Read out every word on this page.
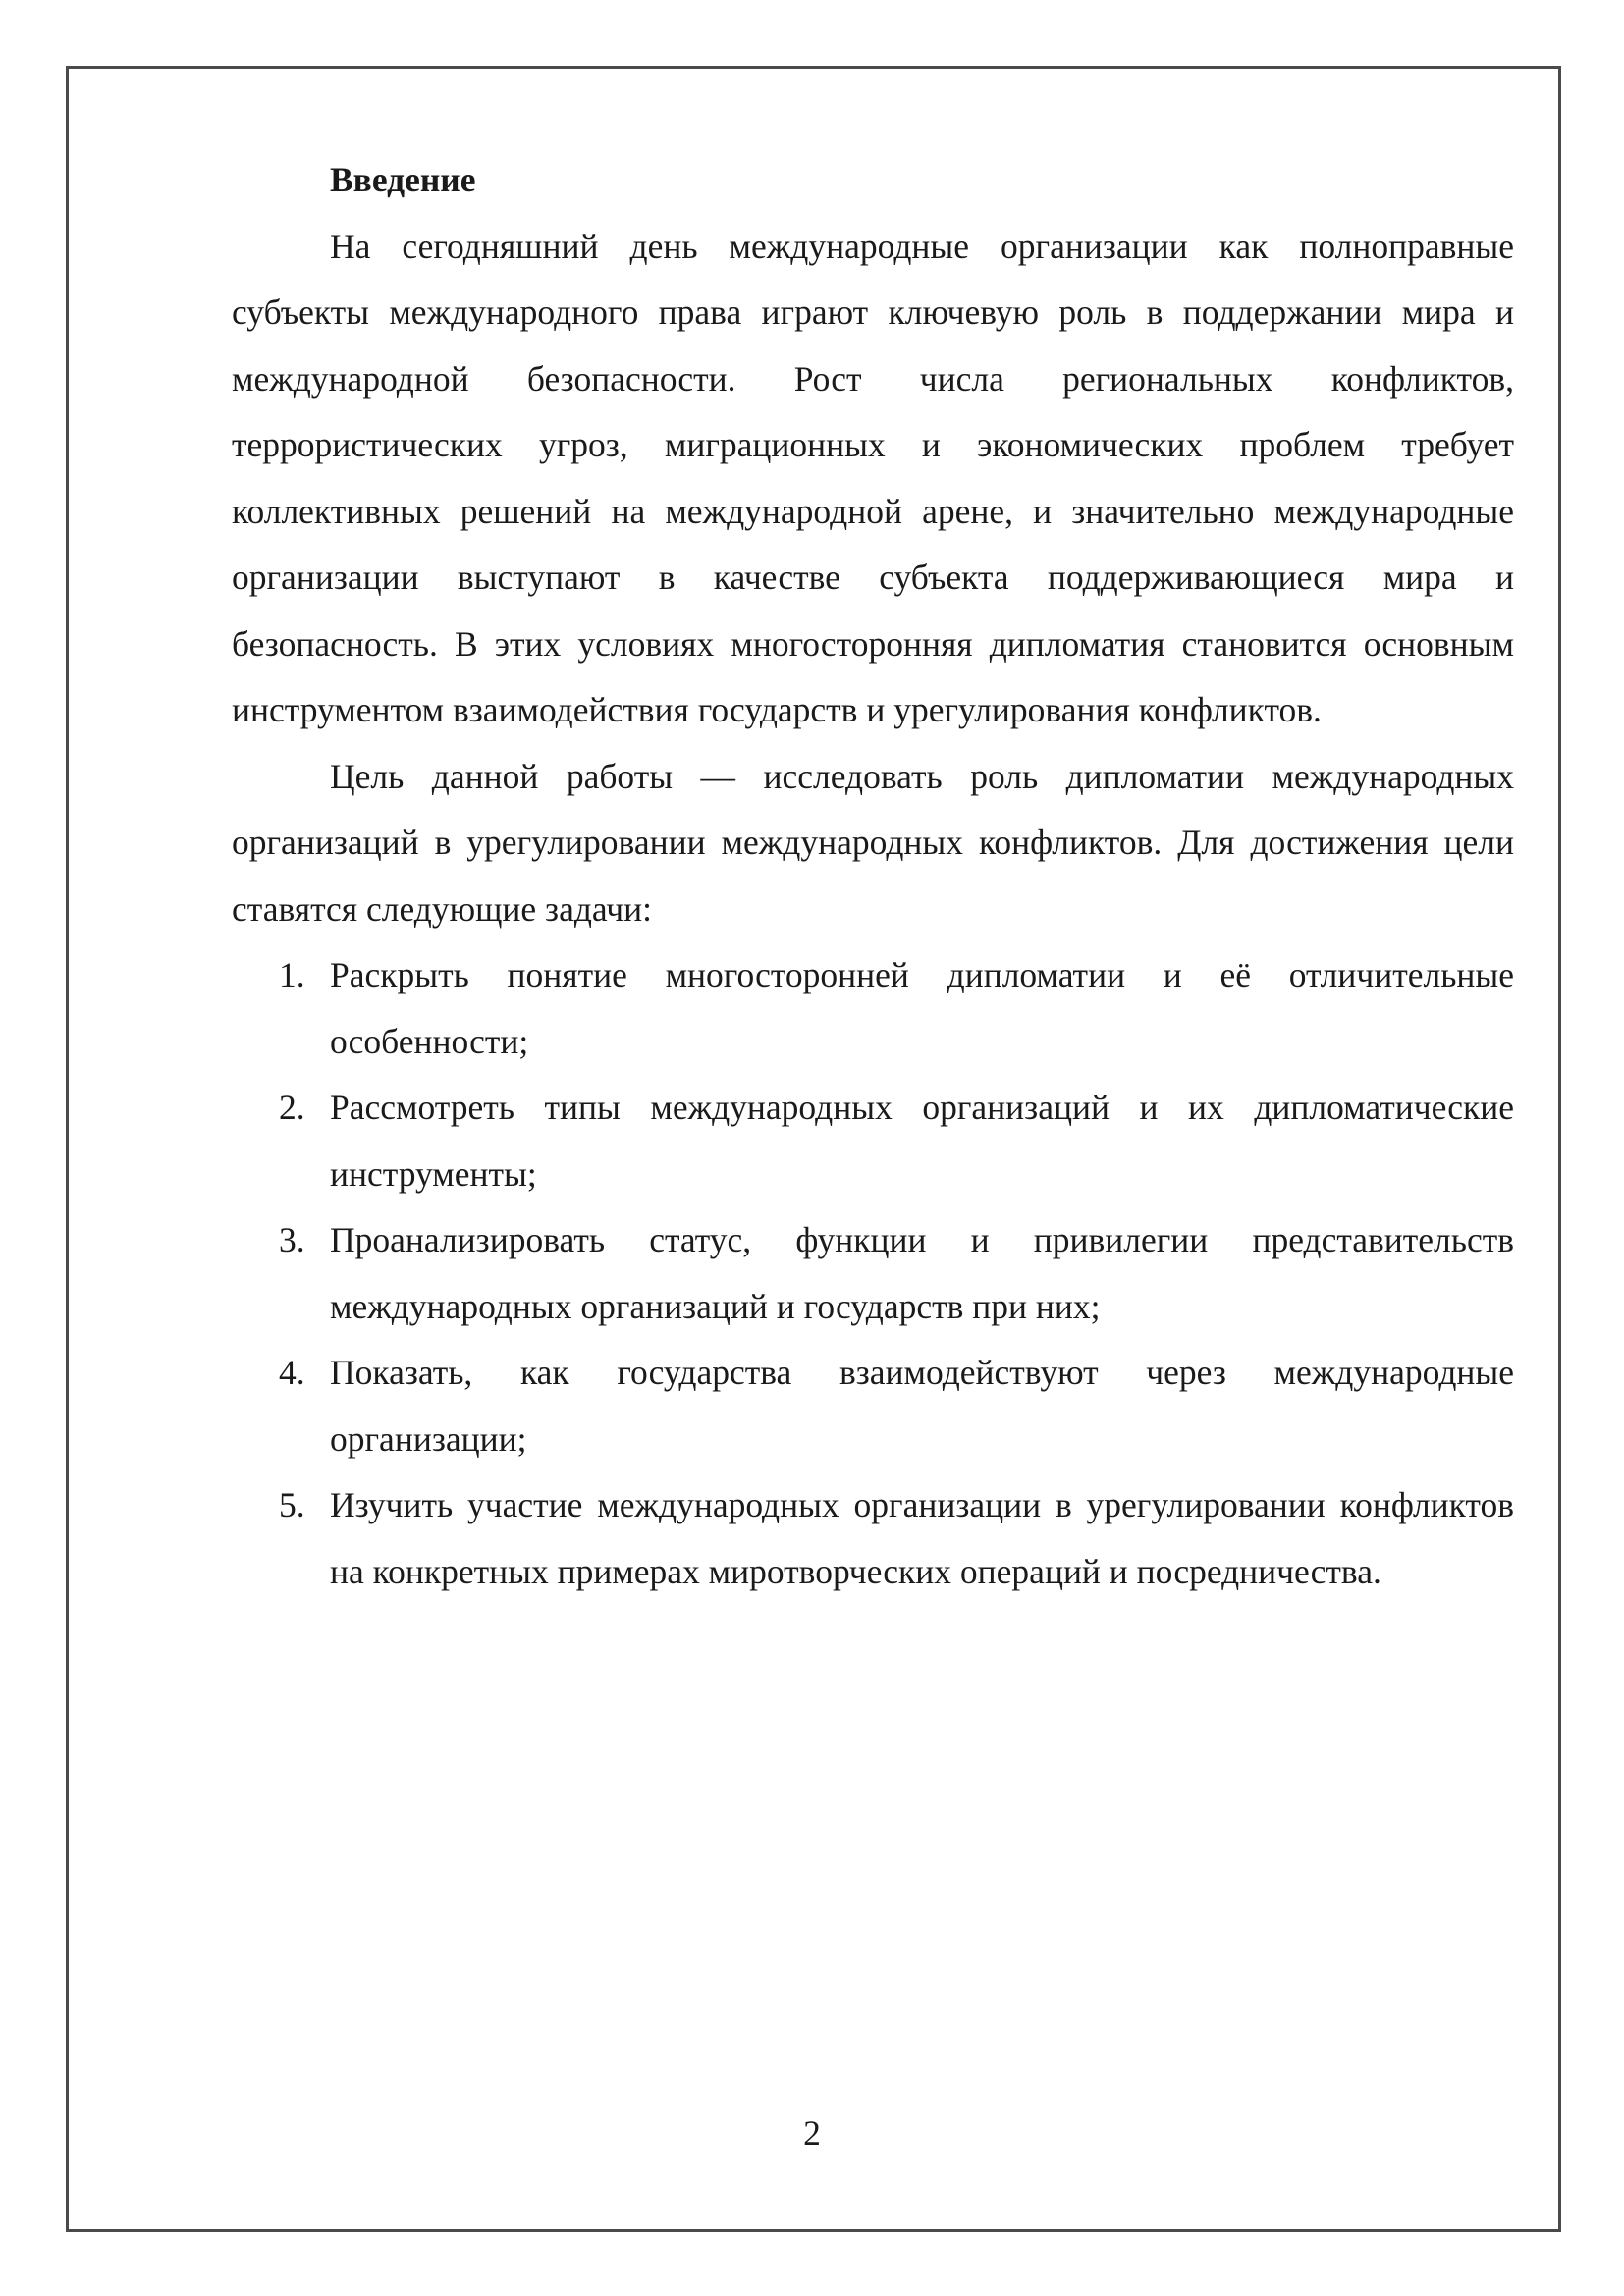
Введение

На сегодняшний день международные организации как полноправные субъекты международного права играют ключевую роль в поддержании мира и международной безопасности. Рост числа региональных конфликтов, террористических угроз, миграционных и экономических проблем требует коллективных решений на международной арене, и значительно международные организации выступают в качестве субъекта поддерживающиеся мира и безопасность. В этих условиях многосторонняя дипломатия становится основным инструментом взаимодействия государств и урегулирования конфликтов.

Цель данной работы — исследовать роль дипломатии международных организаций в урегулировании международных конфликтов. Для достижения цели ставятся следующие задачи:

1. Раскрыть понятие многосторонней дипломатии и её отличительные особенности;
2. Рассмотреть типы международных организаций и их дипломатические инструменты;
3. Проанализировать статус, функции и привилегии представительств международных организаций и государств при них;
4. Показать, как государства взаимодействуют через международные организации;
5. Изучить участие международных организации в урегулировании конфликтов на конкретных примерах миротворческих операций и посредничества.
2
